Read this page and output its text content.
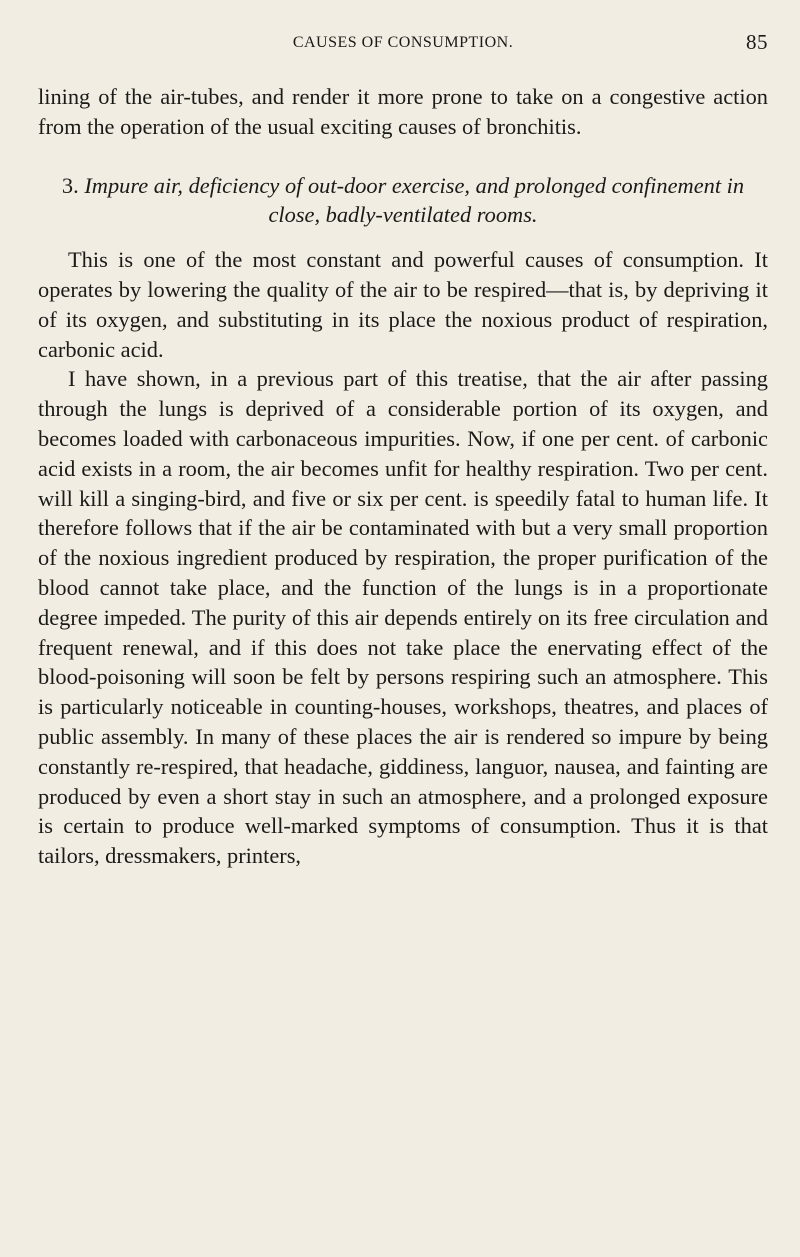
CAUSES OF CONSUMPTION.	85

lining of the air-tubes, and render it more prone to take on a congestive action from the operation of the usual exciting causes of bronchitis.

3. Impure air, deficiency of out-door exercise, and prolonged confinement in close, badly-ventilated rooms.

This is one of the most constant and powerful causes of consumption. It operates by lowering the quality of the air to be respired—that is, by depriving it of its oxygen, and substituting in its place the noxious product of respiration, carbonic acid.

I have shown, in a previous part of this treatise, that the air after passing through the lungs is deprived of a considerable portion of its oxygen, and becomes loaded with carbonaceous impurities. Now, if one per cent. of carbonic acid exists in a room, the air becomes unfit for healthy respiration. Two per cent. will kill a singing-bird, and five or six per cent. is speedily fatal to human life. It therefore follows that if the air be contaminated with but a very small proportion of the noxious ingredient produced by respiration, the proper purification of the blood cannot take place, and the function of the lungs is in a proportionate degree impeded. The purity of this air depends entirely on its free circulation and frequent renewal, and if this does not take place the enervating effect of the blood-poisoning will soon be felt by persons respiring such an atmosphere. This is particularly noticeable in counting-houses, workshops, theatres, and places of public assembly. In many of these places the air is rendered so impure by being constantly re-respired, that headache, giddiness, languor, nausea, and fainting are produced by even a short stay in such an atmosphere, and a prolonged exposure is certain to produce well-marked symptoms of consumption. Thus it is that tailors, dressmakers, printers,
